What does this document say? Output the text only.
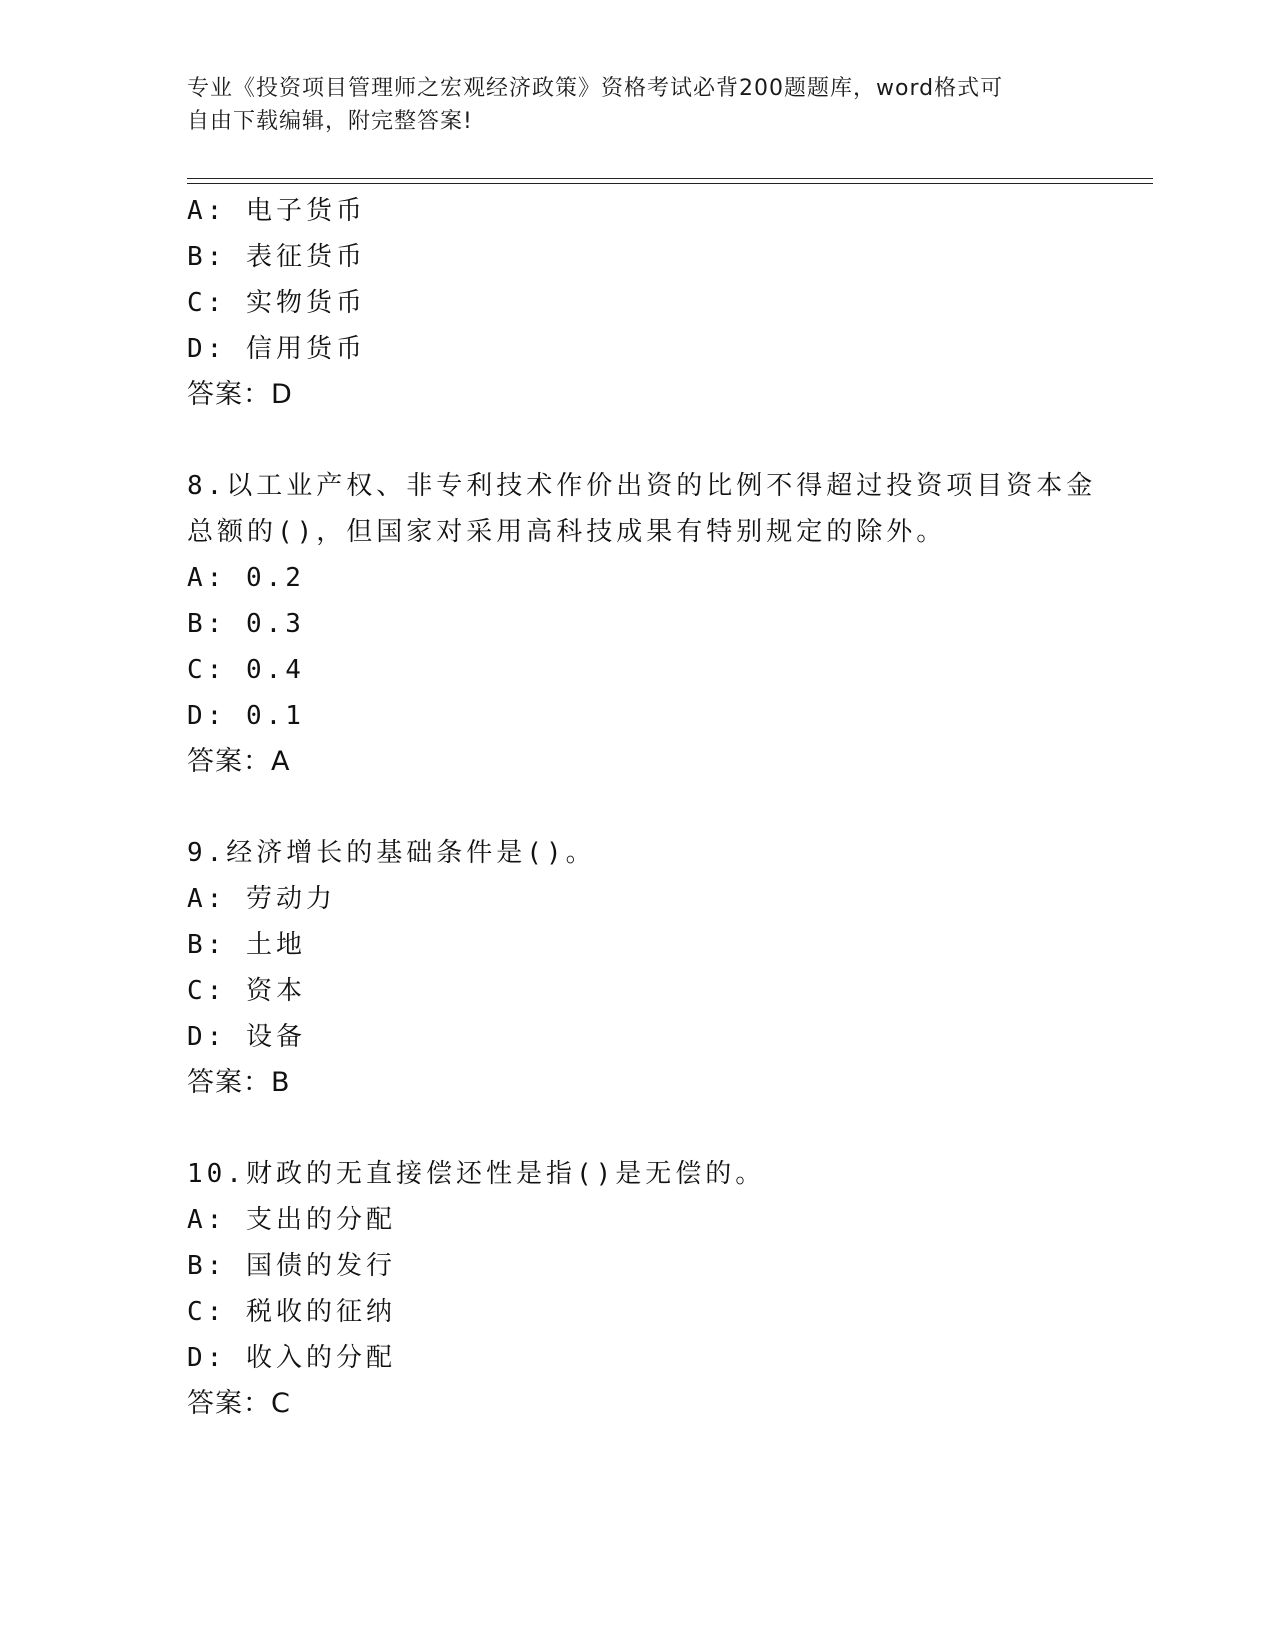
专业《投资项目管理师之宏观经济政策》资格考试必背200题题库，word格式可
自由下载编辑，附完整答案!
A: 电子货币
B: 表征货币
C: 实物货币
D: 信用货币
答案：D
8.以工业产权、非专利技术作价出资的比例不得超过投资项目资本金
总额的()，但国家对采用高科技成果有特别规定的除外。
A: 0.2
B: 0.3
C: 0.4
D: 0.1
答案：A
9.经济增长的基础条件是()。
A: 劳动力
B: 土地
C: 资本
D: 设备
答案：B
10.财政的无直接偿还性是指()是无偿的。
A: 支出的分配
B: 国债的发行
C: 税收的征纳
D: 收入的分配
答案：C
